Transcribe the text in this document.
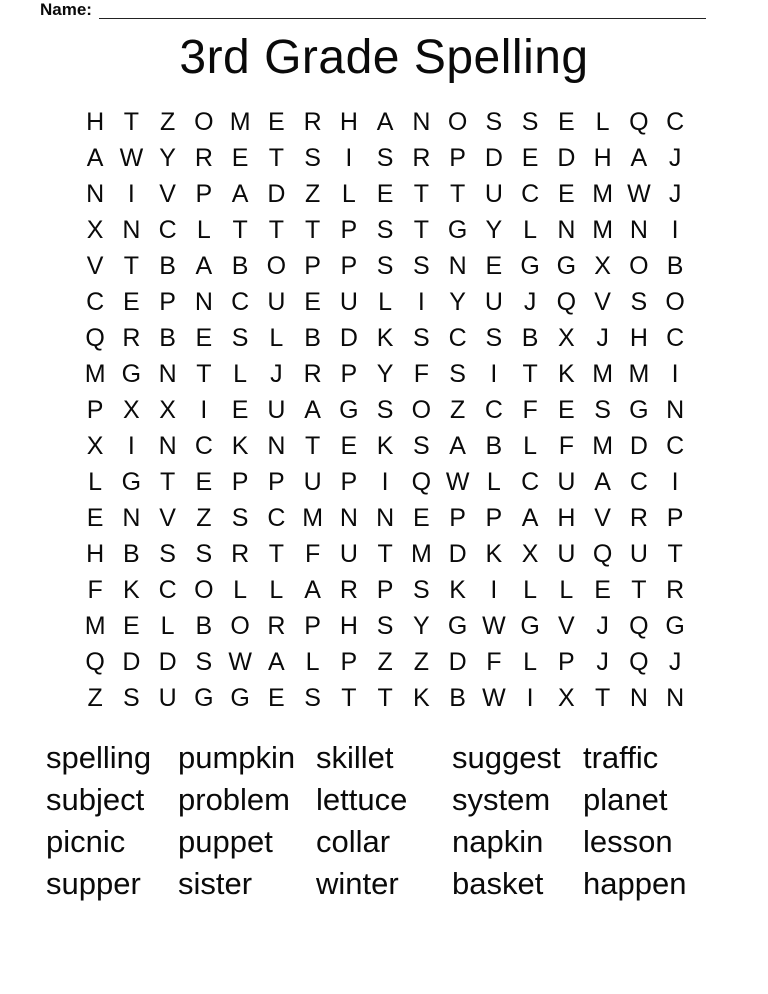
Name:
3rd Grade Spelling
H T Z O M E R H A N O S S E L Q C
A W Y R E T S I S R P D E D H A J
N I V P A D Z L E T T U C E M W J
X N C L T T T P S T G Y L N M N I
V T B A B O P P S S N E G G X O B
C E P N C U E U L	I Y U J Q V S O
Q R B E S L B D K S C S B X J H C
M G N T L J R P Y F S I	T K M M I
P X X I E U A G S O Z C F E S G N
X I N C K N T E K S A B L F M D C
L G T E P P U P I Q W L C U A C I
E N V Z S C M N N E P P A H V R P
H B S S R T F U T M D K X U Q U T
F K C O L L A R P S K I	L L E T R
M E L B O R P H S Y G W G V J Q G
Q D D S W A L P Z Z D F L P J Q J
Z S U G G E S T T K B W I X T N N
spelling pumpkin skillet	suggest traffic
subject	problem lettuce	system	planet
picnic	puppet	collar	napkin	lesson
supper	sister	winter	basket	happen
